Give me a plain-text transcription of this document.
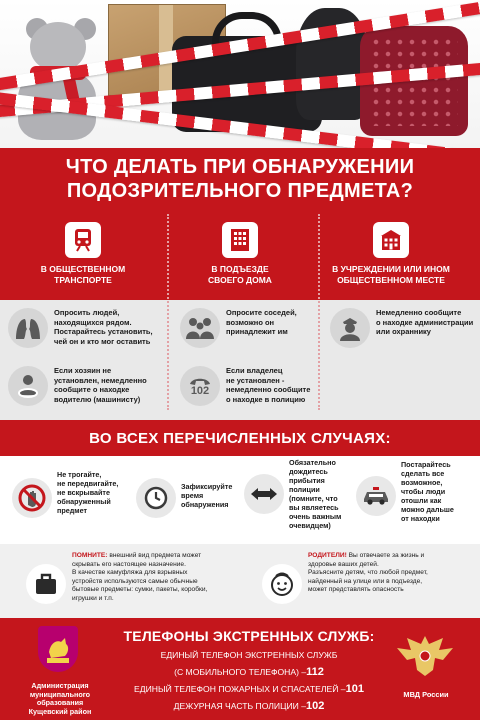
ЧТО ДЕЛАТЬ ПРИ ОБНАРУЖЕНИИ
ПОДОЗРИТЕЛЬНОГО ПРЕДМЕТА?
В ОБЩЕСТВЕННОМ
ТРАНСПОРТЕ
В ПОДЪЕЗДЕ
СВОЕГО ДОМА
В УЧРЕЖДЕНИИ ИЛИ ИНОМ
ОБЩЕСТВЕННОМ МЕСТЕ
Опросить людей,
находящихся рядом.
Постарайтесь установить,
чей он и кто мог оставить
Если хозяин не
установлен, немедленно
сообщите о находке
водителю (машинисту)
Опросите соседей,
возможно он
принадлежит им
102
Если владелец
не установлен -
немедленно сообщите
о находке в полицию
Немедленно сообщите
о находке администрации
или охраннику
ВО ВСЕХ ПЕРЕЧИСЛЕННЫХ СЛУЧАЯХ:
Не трогайте,
не передвигайте,
не вскрывайте
обнаруженный
предмет
Зафиксируйте
время
обнаружения
Обязательно
дождитесь
прибытия
полиции
(помните, что
вы являетесь
очень важным
очевидцем)
Постарайтесь
сделать все
возможное,
чтобы люди
отошли как
можно дальше
от находки
ПОМНИТЕ: внешний вид предмета может
скрывать его настоящее назначение.
В качестве камуфляжа для взрывных
устройств используются самые обычные
бытовые предметы: сумки, пакеты, коробки,
игрушки и т.п.
РОДИТЕЛИ! Вы отвечаете за жизнь и
здоровье ваших детей.
Разъясните детям, что любой предмет,
найденный на улице или в подъезде,
может представлять опасность
Администрация
муниципального образования
Кущевский район
ТЕЛЕФОНЫ ЭКСТРЕННЫХ СЛУЖБ:
ЕДИНЫЙ ТЕЛЕФОН ЭКСТРЕННЫХ СЛУЖБ
(С МОБИЛЬНОГО ТЕЛЕФОНА) –112
ЕДИНЫЙ ТЕЛЕФОН ПОЖАРНЫХ И СПАСАТЕЛЕЙ –101
ДЕЖУРНАЯ ЧАСТЬ ПОЛИЦИИ –102
МВД России
